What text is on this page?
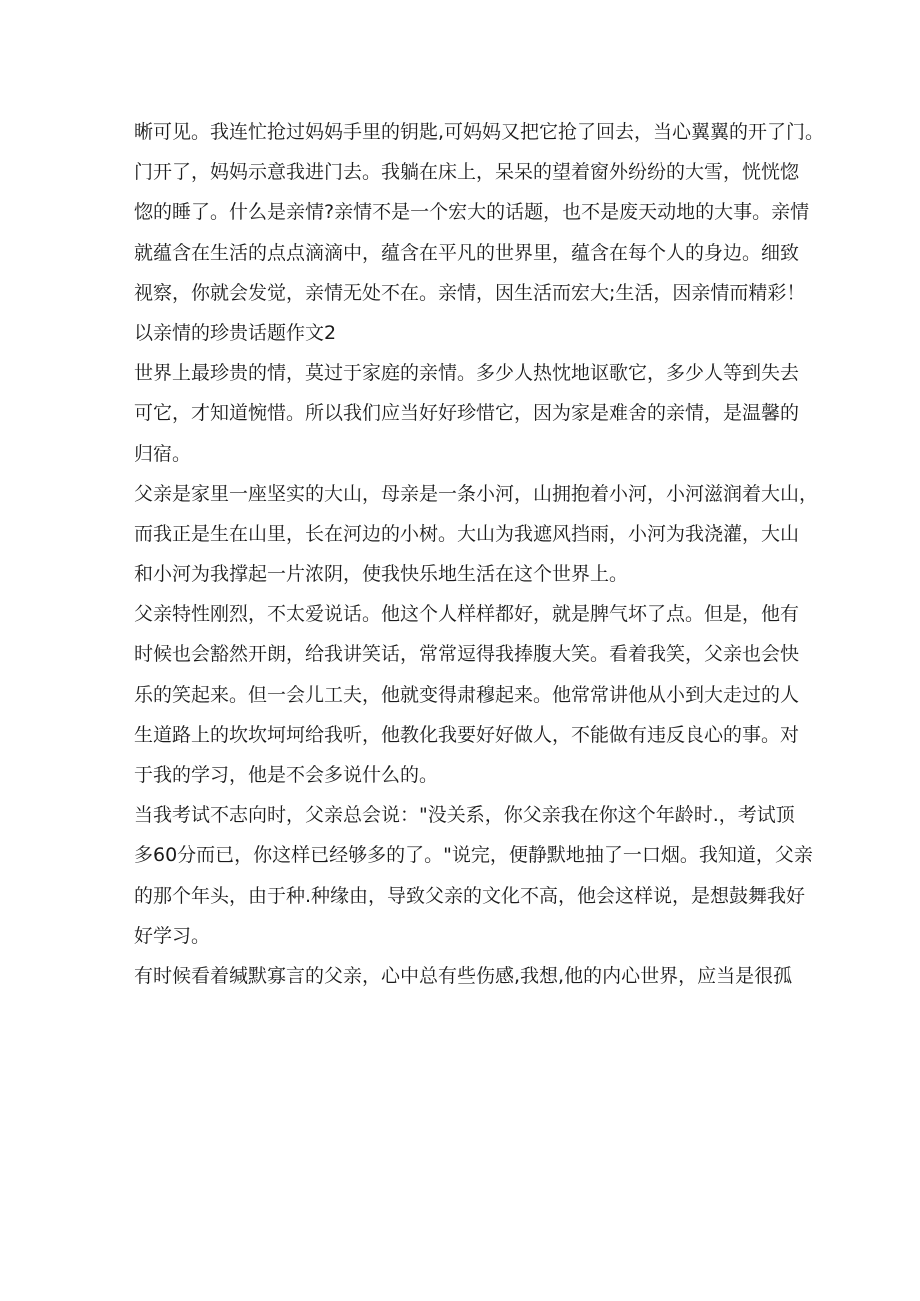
晰可见。我连忙抢过妈妈手里的钥匙,可妈妈又把它抢了回去，当心翼翼的开了门。
门开了，妈妈示意我进门去。我躺在床上，呆呆的望着窗外纷纷的大雪，恍恍惚
惚的睡了。什么是亲情?亲情不是一个宏大的话题，也不是废天动地的大事。亲情
就蕴含在生活的点点滴滴中，蕴含在平凡的世界里，蕴含在每个人的身边。细致
视察，你就会发觉，亲情无处不在。亲情，因生活而宏大;生活，因亲情而精彩！
以亲情的珍贵话题作文2
世界上最珍贵的情，莫过于家庭的亲情。多少人热忱地讴歌它，多少人等到失去
可它，才知道惋惜。所以我们应当好好珍惜它，因为家是难舍的亲情，是温馨的
归宿。
父亲是家里一座坚实的大山，母亲是一条小河，山拥抱着小河，小河滋润着大山，
而我正是生在山里，长在河边的小树。大山为我遮风挡雨，小河为我浇灌，大山
和小河为我撑起一片浓阴，使我快乐地生活在这个世界上。
父亲特性刚烈，不太爱说话。他这个人样样都好，就是脾气坏了点。但是，他有
时候也会豁然开朗，给我讲笑话，常常逗得我捧腹大笑。看着我笑，父亲也会快
乐的笑起来。但一会儿工夫，他就变得肃穆起来。他常常讲他从小到大走过的人
生道路上的坎坎坷坷给我听，他教化我要好好做人，不能做有违反良心的事。对
于我的学习，他是不会多说什么的。
当我考试不志向时，父亲总会说："没关系，你父亲我在你这个年龄时.，考试顶
多60分而已，你这样已经够多的了。"说完，便静默地抽了一口烟。我知道，父亲
的那个年头，由于种.种缘由，导致父亲的文化不高，他会这样说，是想鼓舞我好
好学习。
有时候看着缄默寡言的父亲，心中总有些伤感,我想,他的内心世界，应当是很孤
